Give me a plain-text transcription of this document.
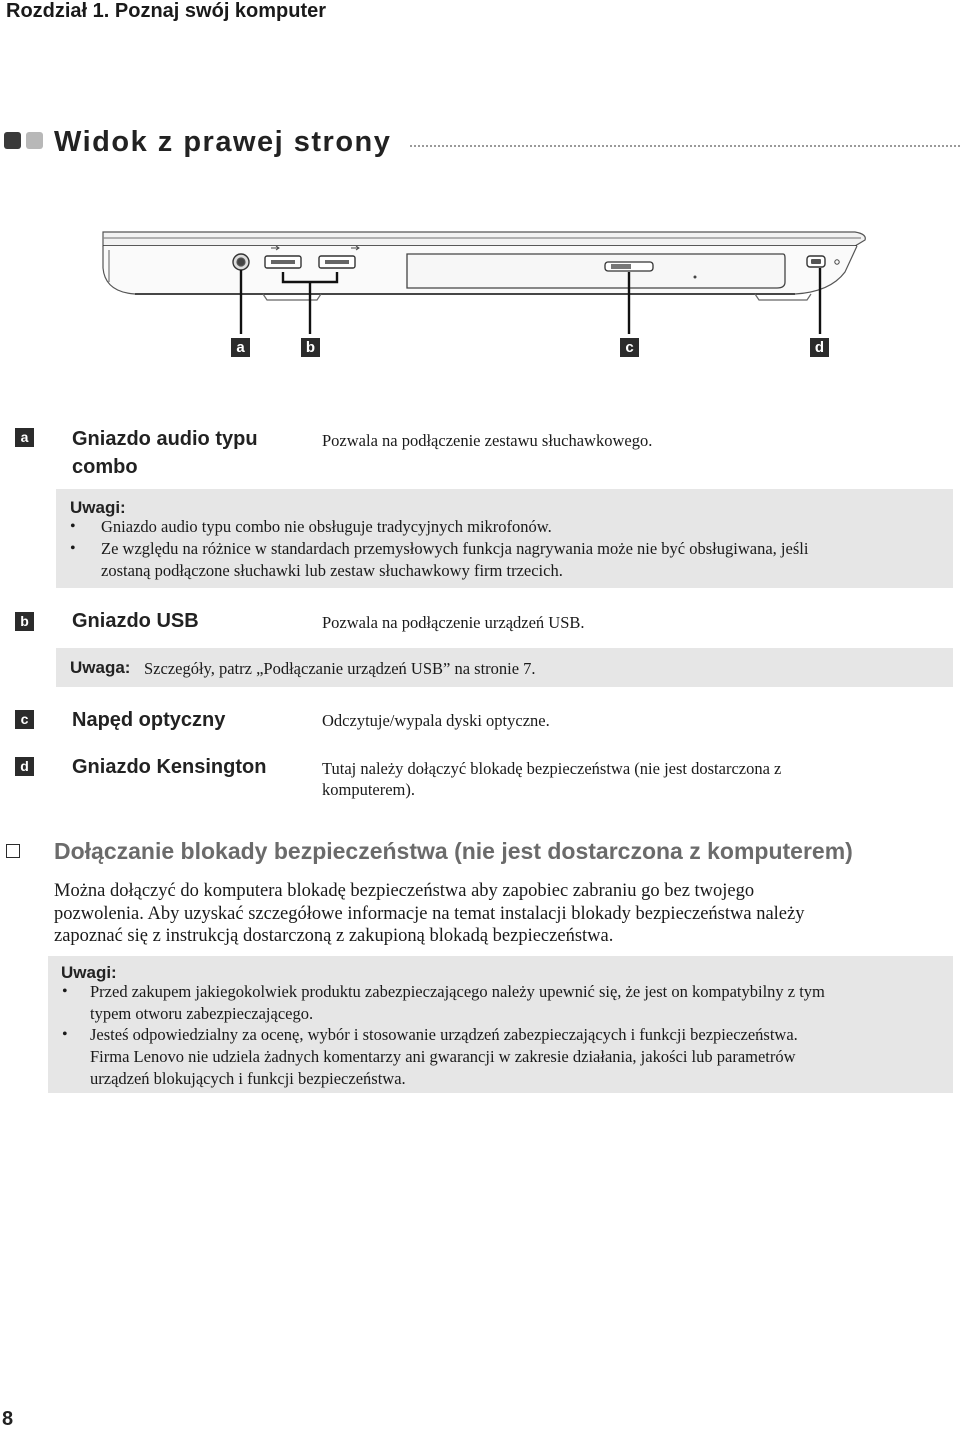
Rozdział 1. Poznaj swój komputer
Widok z prawej strony
a	b	c	d
a Gniazdo audio typu
combo
Pozwala na podłączenie zestawu słuchawkowego.
Uwagi:
• Gniazdo audio typu combo nie obsługuje tradycyjnych mikrofonów.
• Ze względu na różnice w standardach przemysłowych funkcja nagrywania może nie być obsługiwana, jeśli
zostaną podłączone słuchawki lub zestaw słuchawkowy firm trzecich.
b Gniazdo USB	Pozwala na podłączenie urządzeń USB.
Uwaga: Szczegóły, patrz „Podłączanie urządzeń USB” na stronie 7.
c Napęd optyczny	Odczytuje/wypala dyski optyczne.
d Gniazdo Kensington	Tutaj należy dołączyć blokadę bezpieczeństwa (nie jest dostarczona z
komputerem).
Dołączanie blokady bezpieczeństwa (nie jest dostarczona z komputerem)
Można dołączyć do komputera blokadę bezpieczeństwa aby zapobiec zabraniu go bez twojego
pozwolenia. Aby uzyskać szczegółowe informacje na temat instalacji blokady bezpieczeństwa należy
zapoznać się z instrukcją dostarczoną z zakupioną blokadą bezpieczeństwa.
Uwagi:
• Przed zakupem jakiegokolwiek produktu zabezpieczającego należy upewnić się, że jest on kompatybilny z tym
typem otworu zabezpieczającego.
• Jesteś odpowiedzialny za ocenę, wybór i stosowanie urządzeń zabezpieczających i funkcji bezpieczeństwa.
Firma Lenovo nie udziela żadnych komentarzy ani gwarancji w zakresie działania, jakości lub parametrów
urządzeń blokujących i funkcji bezpieczeństwa.
8
